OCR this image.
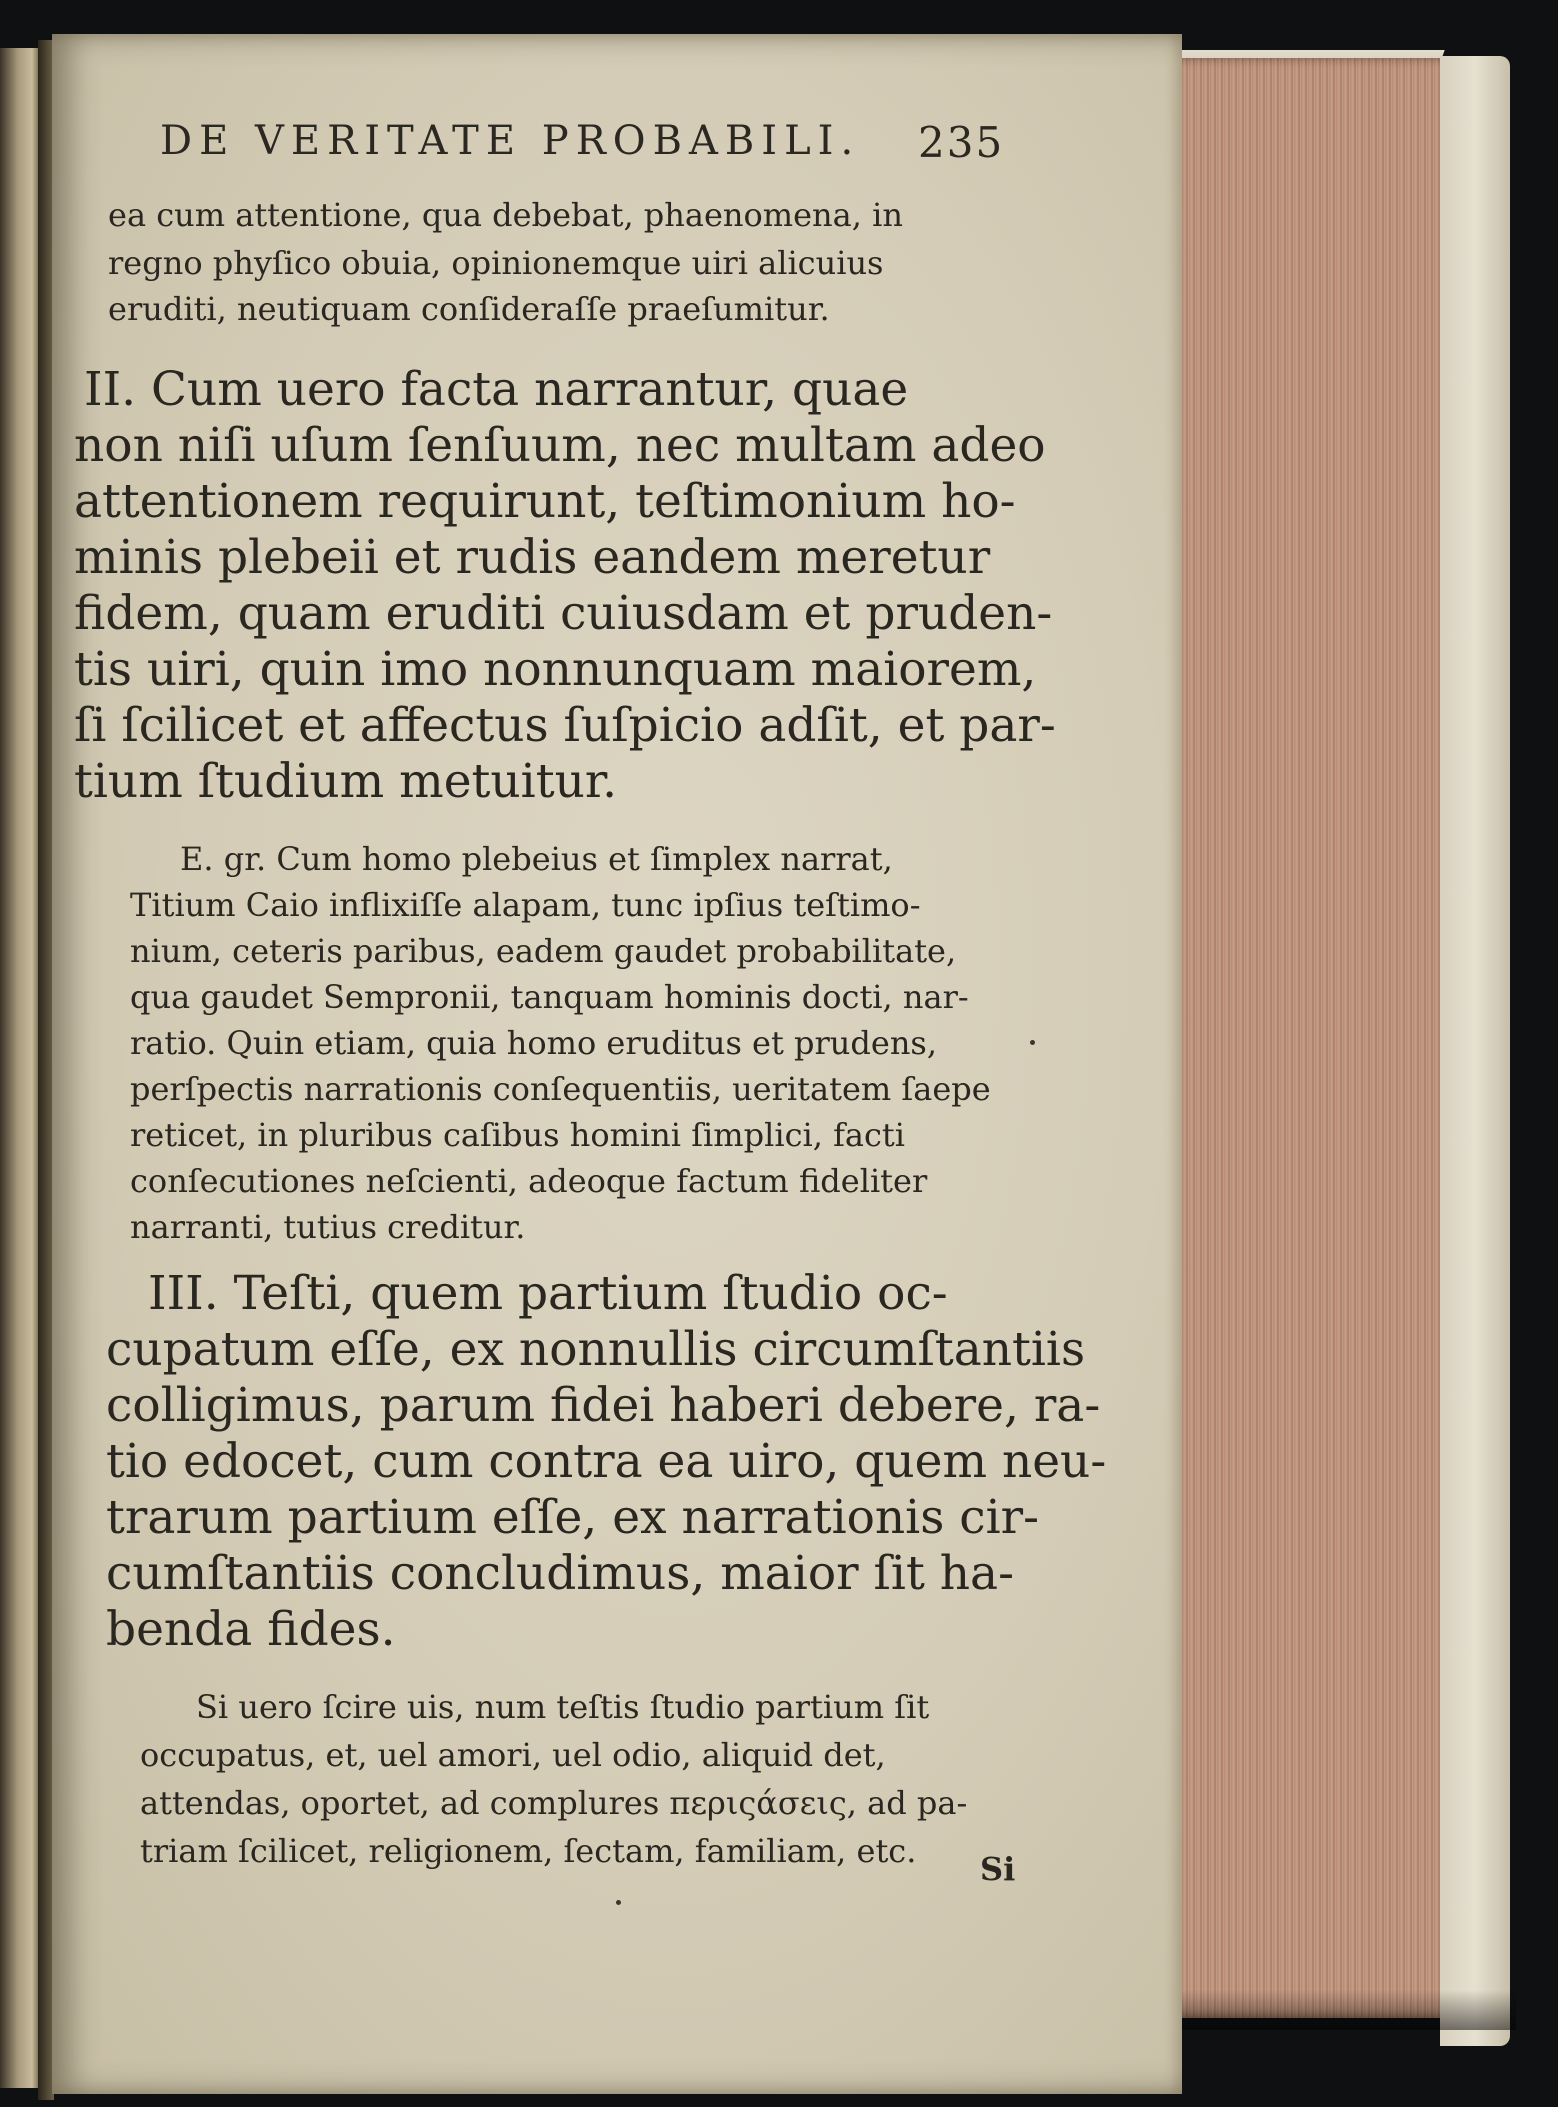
DE VERITATE PROBABILI.	235
ea cum attentione, qua debebat, phaenomena, in
regno phyſico obuia, opinionemque uiri alicuius
eruditi, neutiquam conſideraſſe praeſumitur.
II. Cum uero facta narrantur, quae
non niſi uſum ſenſuum, nec multam adeo
attentionem requirunt, teſtimonium ho-
minis plebeii et rudis eandem meretur
fidem, quam eruditi cuiusdam et pruden-
tis uiri, quin imo nonnunquam maiorem,
ſi ſcilicet et affectus ſuſpicio adſit, et par-
tium ſtudium metuitur.
E. gr. Cum homo plebeius et ſimplex narrat,
Titium Caio inflixiſſe alapam, tunc ipſius teſtimo-
nium, ceteris paribus, eadem gaudet probabilitate,
qua gaudet Sempronii, tanquam hominis docti, nar-
ratio. Quin etiam, quia homo eruditus et prudens,
perſpectis narrationis conſequentiis, ueritatem ſaepe
reticet, in pluribus caſibus homini ſimplici, facti
conſecutiones neſcienti, adeoque factum fideliter
narranti, tutius creditur.
III. Teſti, quem partium ſtudio oc-
cupatum eſſe, ex nonnullis circumſtantiis
colligimus, parum fidei haberi debere, ra-
tio edocet, cum contra ea uiro, quem neu-
trarum partium eſſe, ex narrationis cir-
cumſtantiis concludimus, maior ſit ha-
benda fides.
Si uero ſcire uis, num teſtis ſtudio partium ſit
occupatus, et, uel amori, uel odio, aliquid det,
attendas, oportet, ad complures περιςάσεις, ad pa-
triam ſcilicet, religionem, ſectam, familiam, etc. Si
